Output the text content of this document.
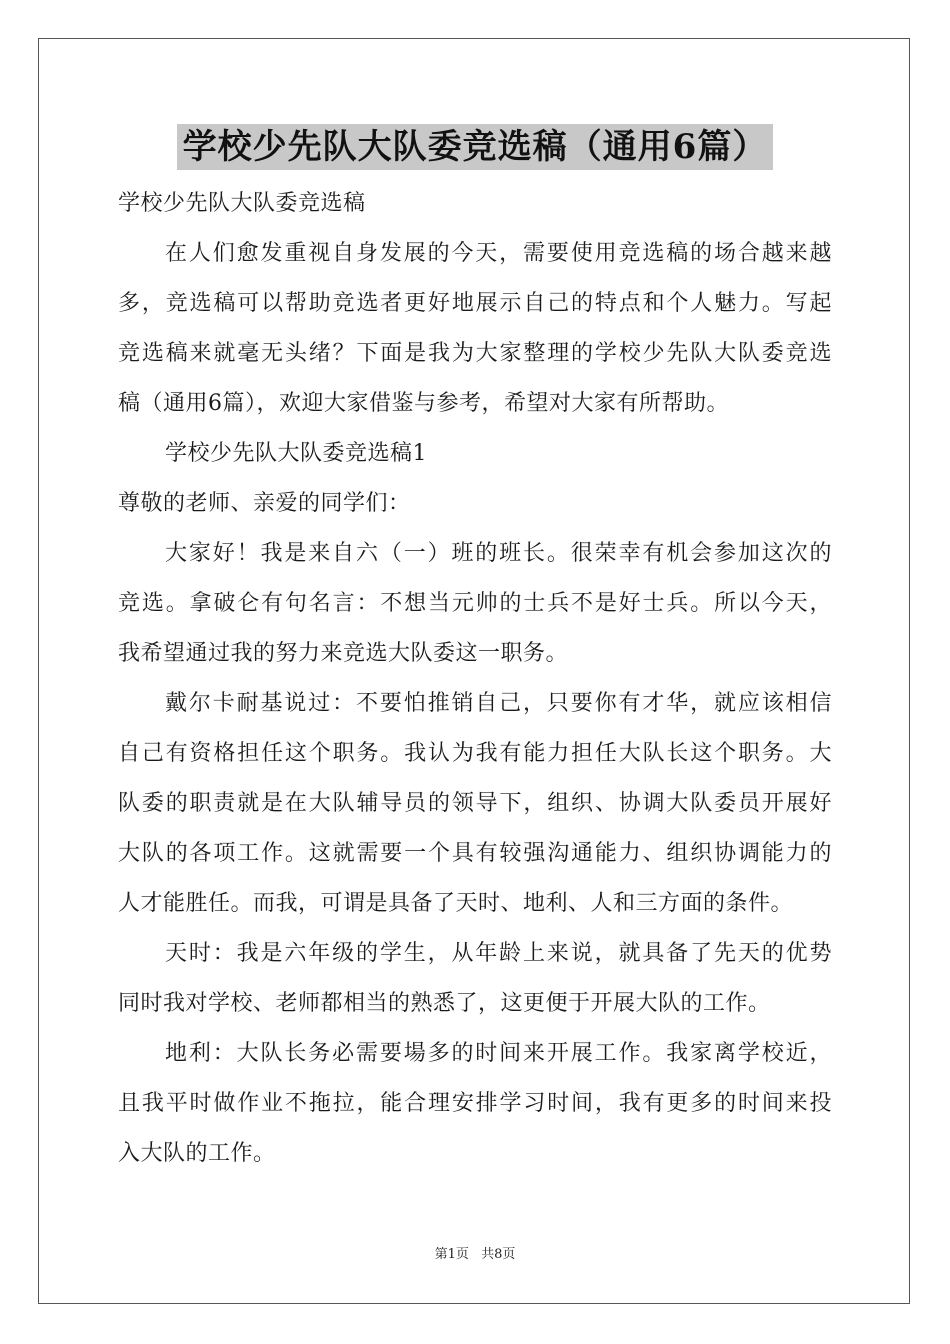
学校少先队大队委竞选稿（通用6篇）
学校少先队大队委竞选稿
在人们愈发重视自身发展的今天，需要使用竞选稿的场合越来越
多，竞选稿可以帮助竞选者更好地展示自己的特点和个人魅力。写起
竞选稿来就毫无头绪？下面是我为大家整理的学校少先队大队委竞选
稿（通用6篇），欢迎大家借鉴与参考，希望对大家有所帮助。
学校少先队大队委竞选稿1
尊敬的老师、亲爱的同学们：
大家好！我是来自六（一）班的班长。很荣幸有机会参加这次的
竞选。拿破仑有句名言：不想当元帅的士兵不是好士兵。所以今天，
我希望通过我的努力来竞选大队委这一职务。
戴尔卡耐基说过：不要怕推销自己，只要你有才华，就应该相信
自己有资格担任这个职务。我认为我有能力担任大队长这个职务。大
队委的职责就是在大队辅导员的领导下，组织、协调大队委员开展好
大队的各项工作。这就需要一个具有较强沟通能力、组织协调能力的
人才能胜任。而我，可谓是具备了天时、地利、人和三方面的条件。
天时：我是六年级的学生，从年龄上来说，就具备了先天的优势
同时我对学校、老师都相当的熟悉了，这更便于开展大队的工作。
地利：大队长务必需要場多的时间来开展工作。我家离学校近，
且我平时做作业不拖拉，能合理安排学习时间，我有更多的时间来投
入大队的工作。
第1页 共8页
